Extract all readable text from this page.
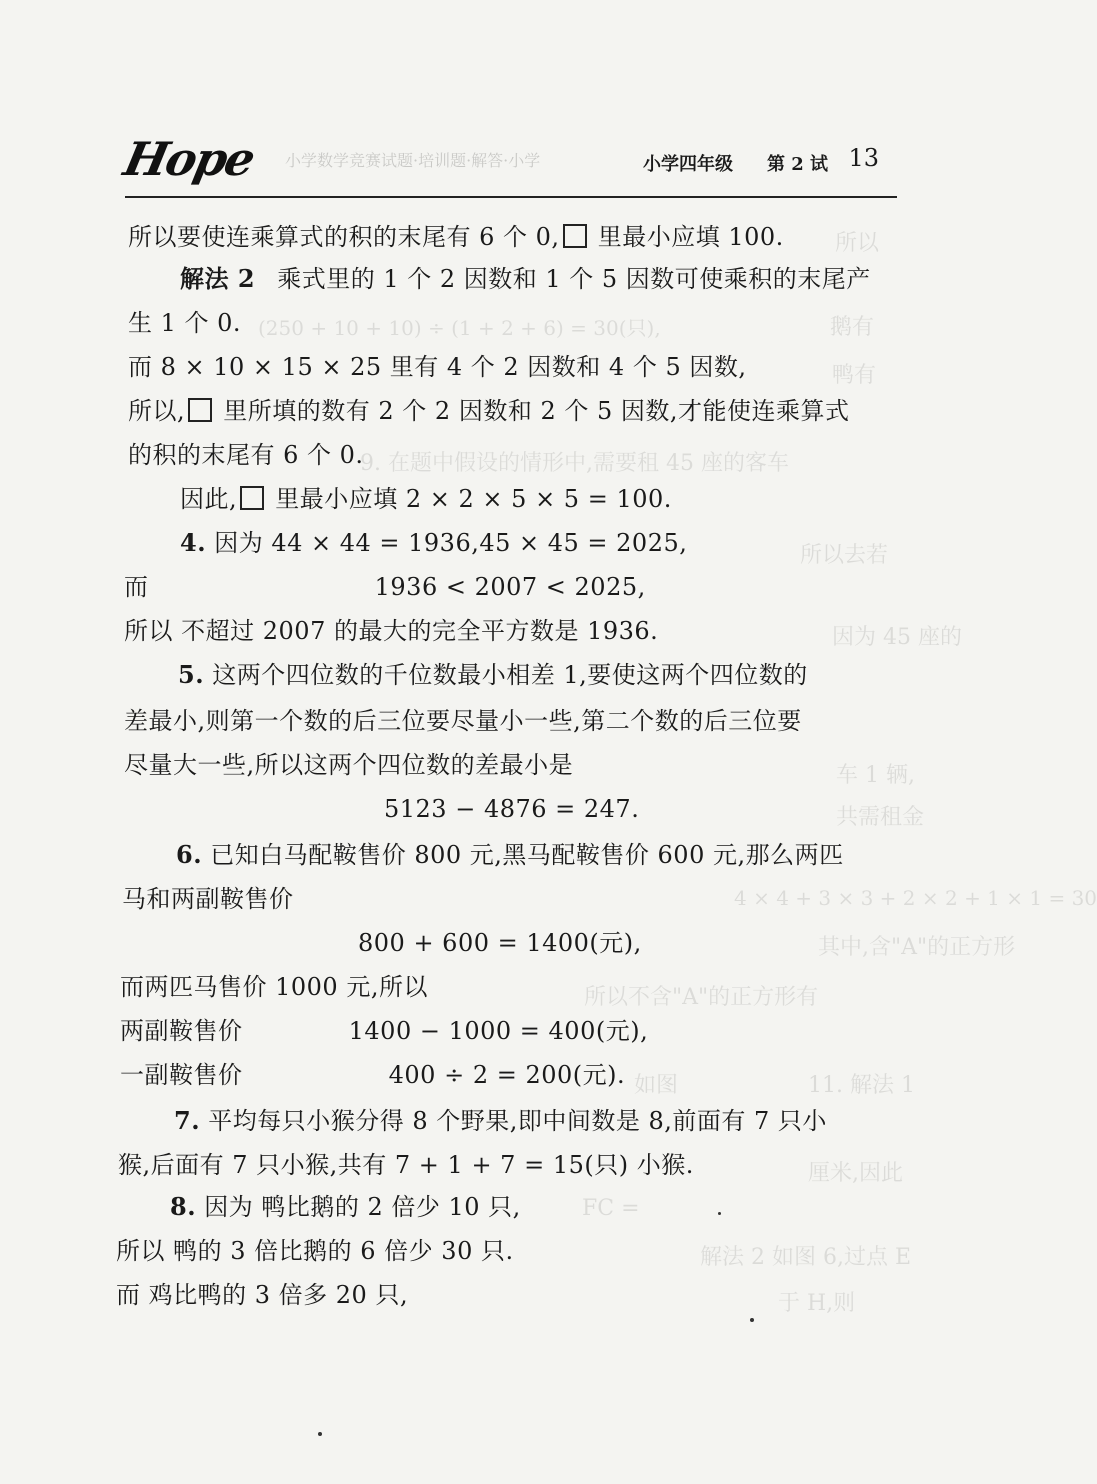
所以
鹅有
(250 + 10 + 10) ÷ (1 + 2 + 6) = 30(只),
鸭有
9. 在题中假设的情形中,需要租 45 座的客车
所以去若
因为 45 座的
车 1 辆,
共需租金
4 × 4 + 3 × 3 + 2 × 2 + 1 × 1 = 30
其中,含"A"的正方形
所以不含"A"的正方形有
11. 解法 1
如图
厘米,因此
FC =
解法 2 如图 6,过点 E
于 H,则
Hope 小学数学竞赛试题·培训题·解答·小学	小学四年级 第 2 试 13
所以要使连乘算式的积的末尾有 6 个 0, 里最小应填 100.
解法 2 乘式里的 1 个 2 因数和 1 个 5 因数可使乘积的末尾产
生 1 个 0.
而 8 × 10 × 15 × 25 里有 4 个 2 因数和 4 个 5 因数,
所以, 里所填的数有 2 个 2 因数和 2 个 5 因数,才能使连乘算式
的积的末尾有 6 个 0.
因此, 里最小应填 2 × 2 × 5 × 5 = 100.
4. 因为 44 × 44 = 1936,45 × 45 = 2025,
而	1936 < 2007 < 2025,
所以 不超过 2007 的最大的完全平方数是 1936.
5. 这两个四位数的千位数最小相差 1,要使这两个四位数的
差最小,则第一个数的后三位要尽量小一些,第二个数的后三位要
尽量大一些,所以这两个四位数的差最小是
5123 − 4876 = 247.
6. 已知白马配鞍售价 800 元,黑马配鞍售价 600 元,那么两匹
马和两副鞍售价
800 + 600 = 1400(元),
而两匹马售价 1000 元,所以
两副鞍售价	1400 − 1000 = 400(元),
一副鞍售价	400 ÷ 2 = 200(元).
7. 平均每只小猴分得 8 个野果,即中间数是 8,前面有 7 只小
猴,后面有 7 只小猴,共有 7 + 1 + 7 = 15(只) 小猴.
8. 因为 鸭比鹅的 2 倍少 10 只,
所以 鸭的 3 倍比鹅的 6 倍少 30 只.
而 鸡比鸭的 3 倍多 20 只,
